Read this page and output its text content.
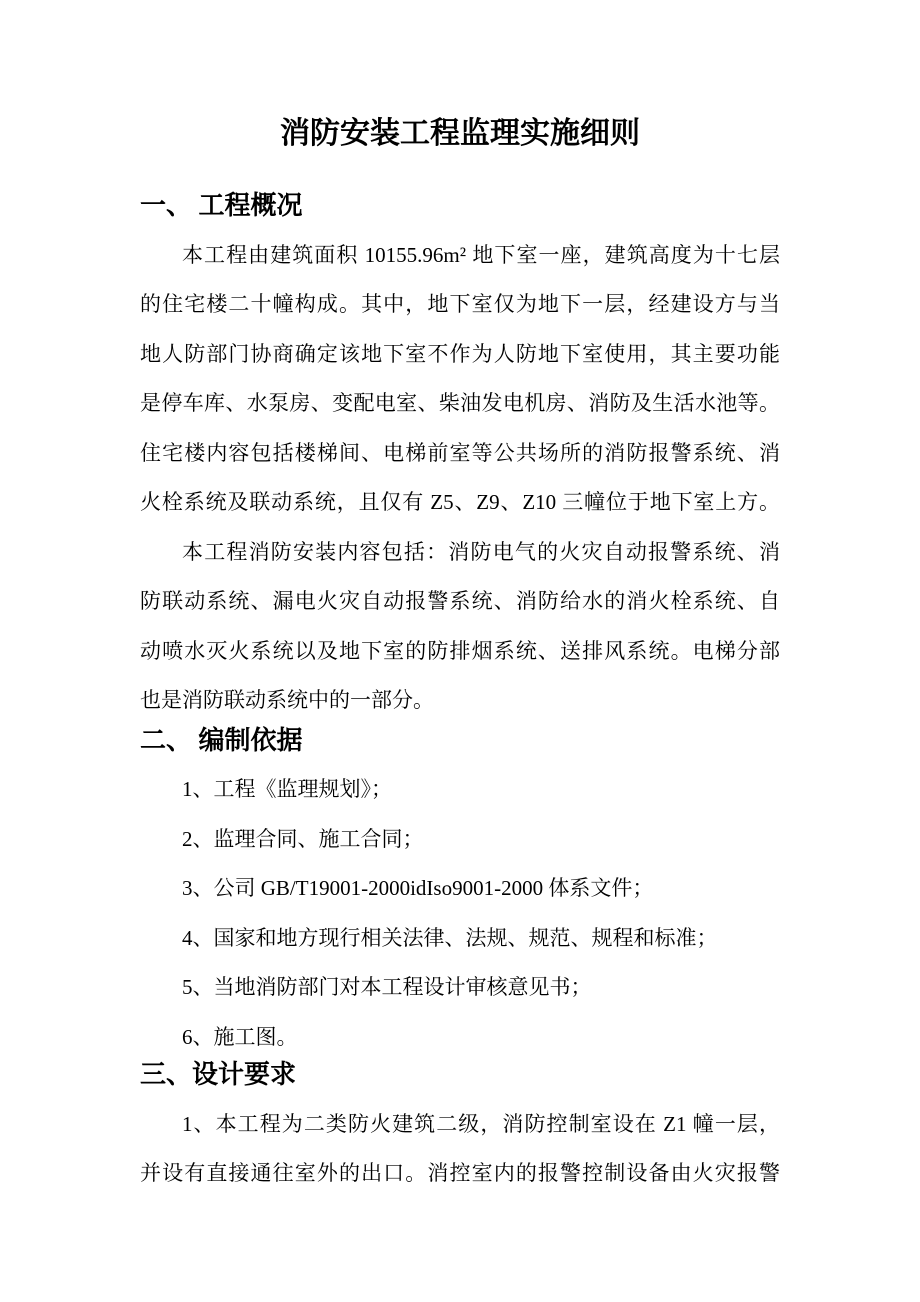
消防安装工程监理实施细则
一、 工程概况

本工程由建筑面积 10155.96m² 地下室一座，建筑高度为十七层

的住宅楼二十幢构成。其中，地下室仅为地下一层，经建设方与当

地人防部门协商确定该地下室不作为人防地下室使用，其主要功能

是停车库、水泵房、变配电室、柴油发电机房、消防及生活水池等。

住宅楼内容包括楼梯间、电梯前室等公共场所的消防报警系统、消

火栓系统及联动系统，且仅有 Z5、Z9、Z10 三幢位于地下室上方。

本工程消防安装内容包括：消防电气的火灾自动报警系统、消

防联动系统、漏电火灾自动报警系统、消防给水的消火栓系统、自

动喷水灭火系统以及地下室的防排烟系统、送排风系统。电梯分部

也是消防联动系统中的一部分。

二、 编制依据

1、工程《监理规划》；

2、监理合同、施工合同；

3、公司 GB/T19001-2000idIso9001-2000 体系文件；

4、国家和地方现行相关法律、法规、规范、规程和标准；

5、当地消防部门对本工程设计审核意见书；

6、施工图。

三、设计要求

1、本工程为二类防火建筑二级，消防控制室设在 Z1 幢一层，

并设有直接通往室外的出口。消控室内的报警控制设备由火灾报警
